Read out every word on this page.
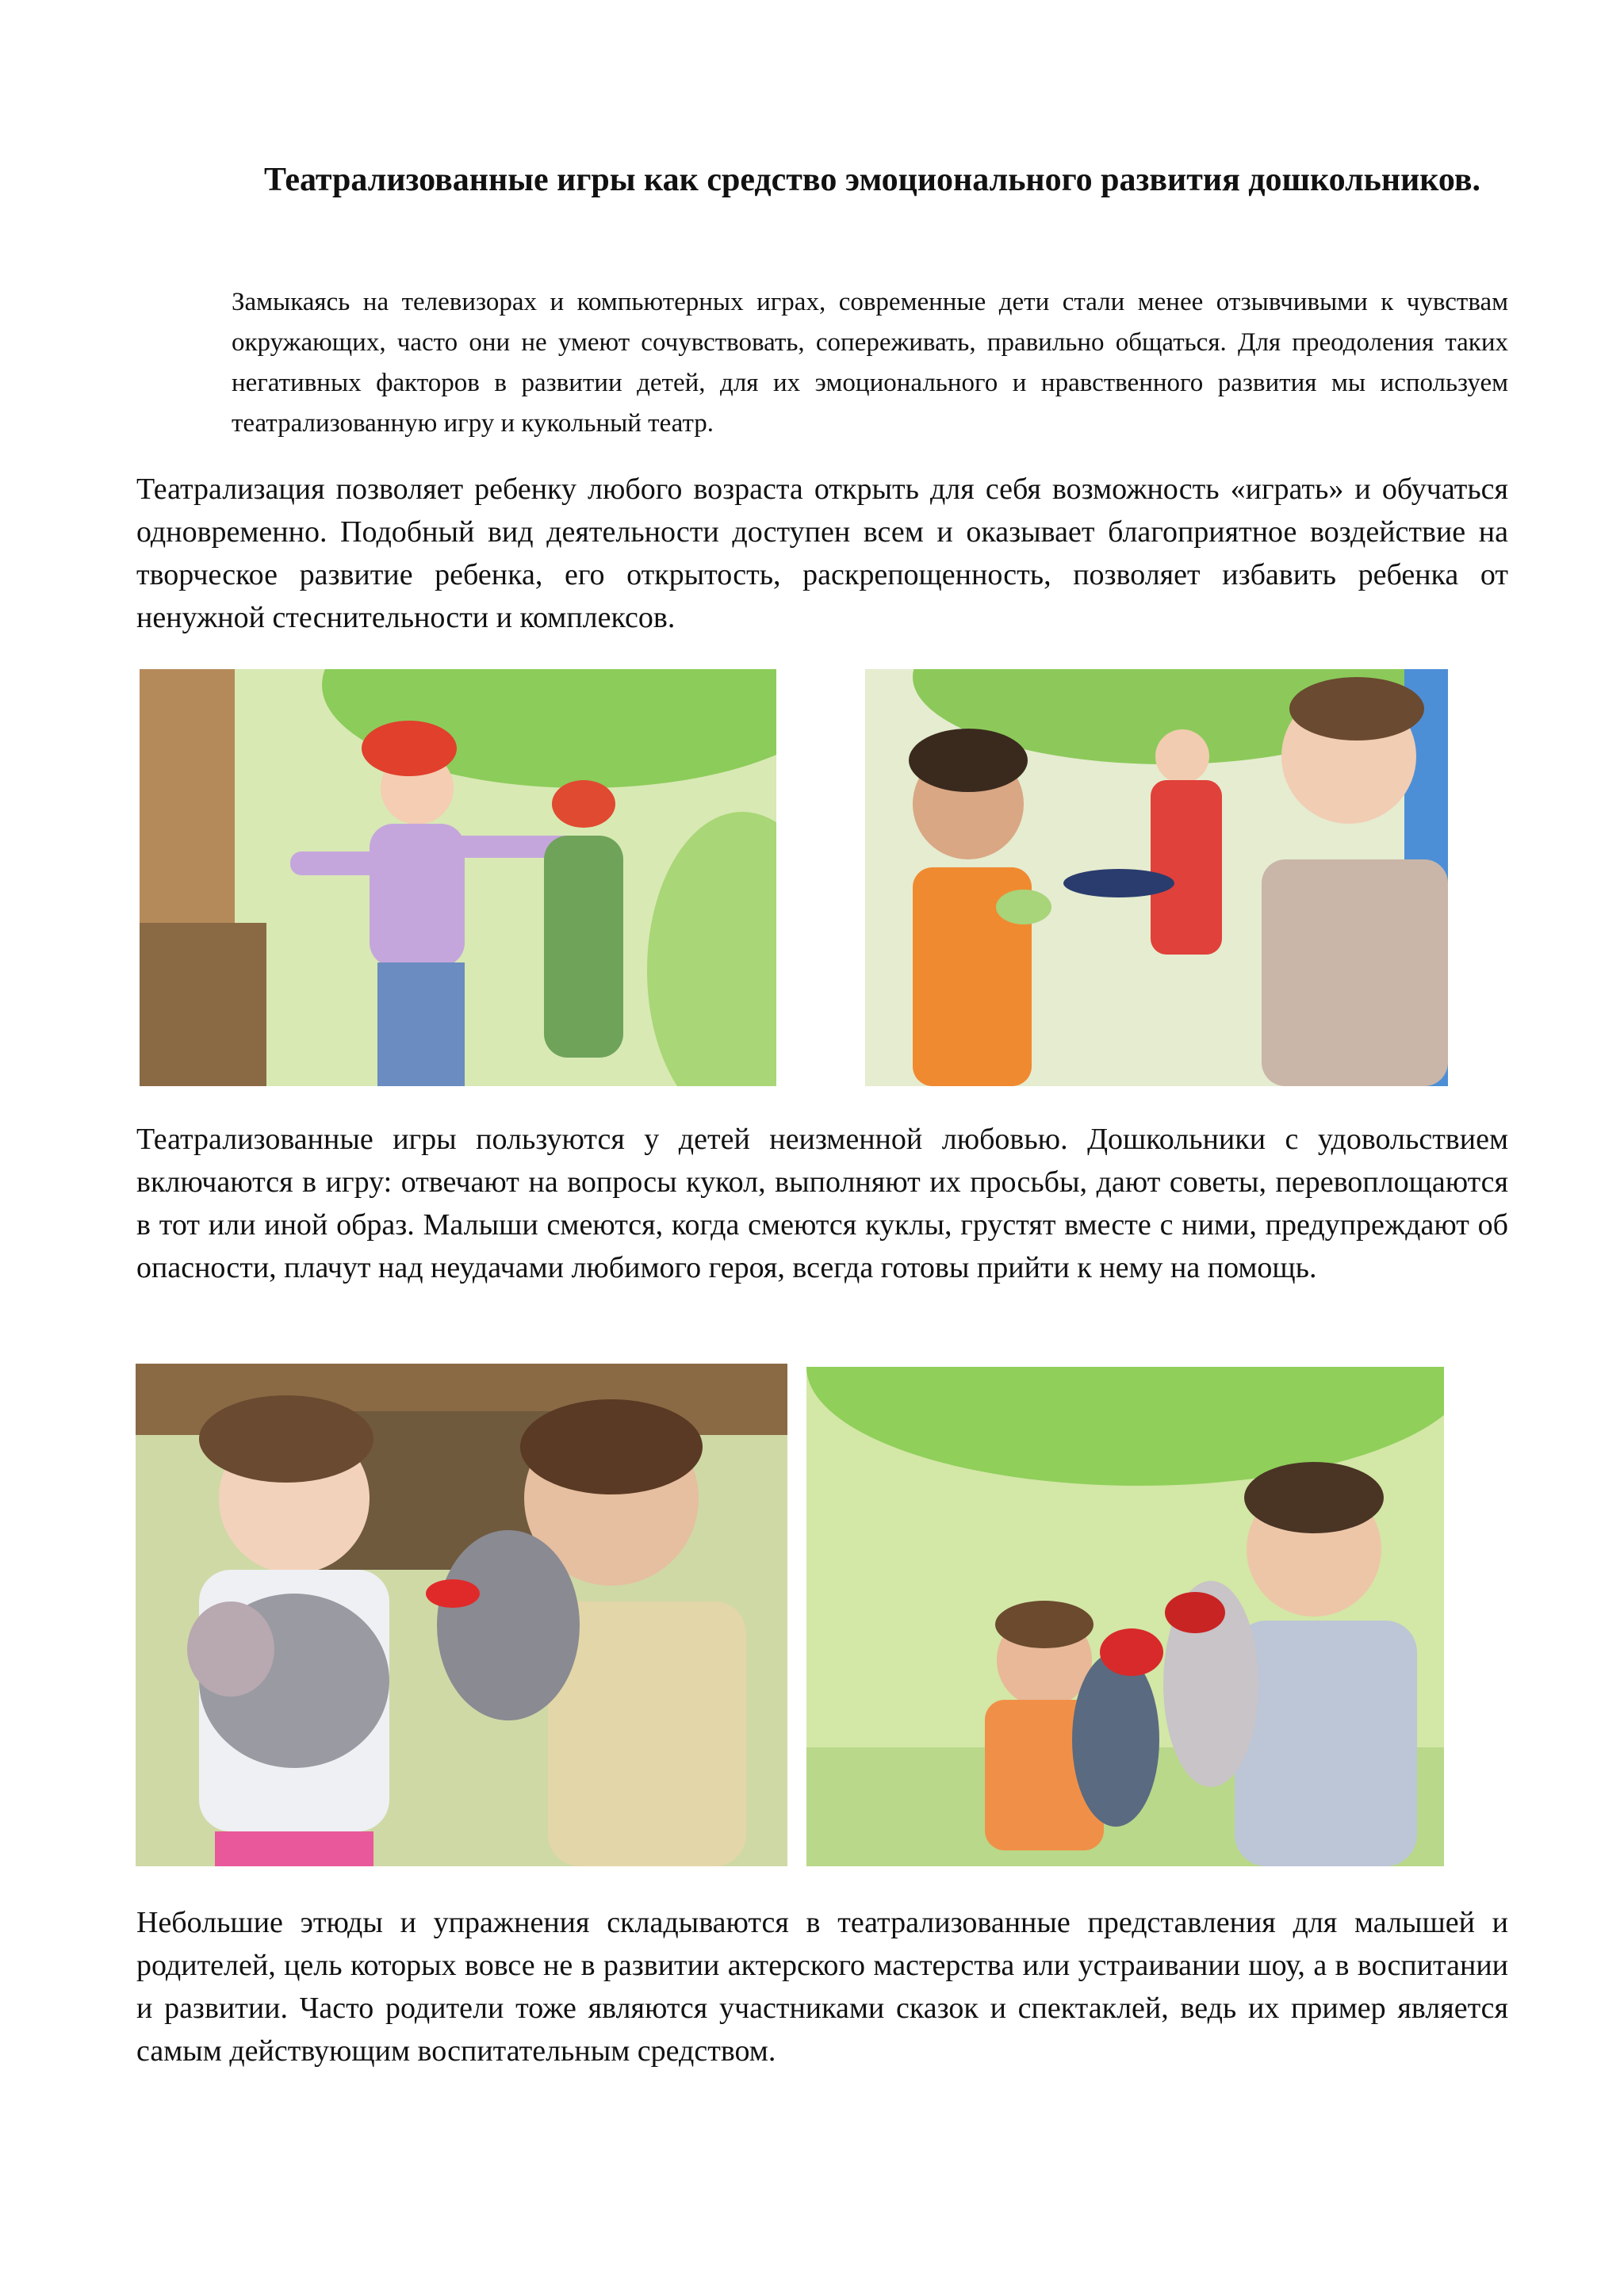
Театрализованные игры как средство эмоционального развития дошкольников.

Замыкаясь на телевизорах и компьютерных играх, современные дети стали менее отзывчивыми к чувствам окружающих, часто они не умеют сочувствовать, сопереживать, правильно общаться. Для преодоления таких негативных факторов в развитии детей, для их эмоционального и нравственного развития мы используем театрализованную игру и кукольный театр.

Театрализация позволяет ребенку любого возраста открыть для себя возможность «играть» и обучаться одновременно. Подобный вид деятельности доступен всем и оказывает благоприятное воздействие на творческое развитие ребенка, его открытость, раскрепощенность, позволяет избавить ребенка от ненужной стеснительности и комплексов.

Театрализованные игры пользуются у детей неизменной любовью. Дошкольники с удовольствием включаются в игру: отвечают на вопросы кукол, выполняют их просьбы, дают советы, перевоплощаются в тот или иной образ. Малыши смеются, когда смеются куклы, грустят вместе с ними, предупреждают об опасности, плачут над неудачами любимого героя, всегда готовы прийти к нему на помощь.

Небольшие этюды и упражнения складываются в театрализованные представления для малышей и родителей, цель которых вовсе не в развитии актерского мастерства или устраивании шоу, а в воспитании и развитии. Часто родители тоже являются участниками сказок и спектаклей, ведь их пример является самым действующим воспитательным средством.
